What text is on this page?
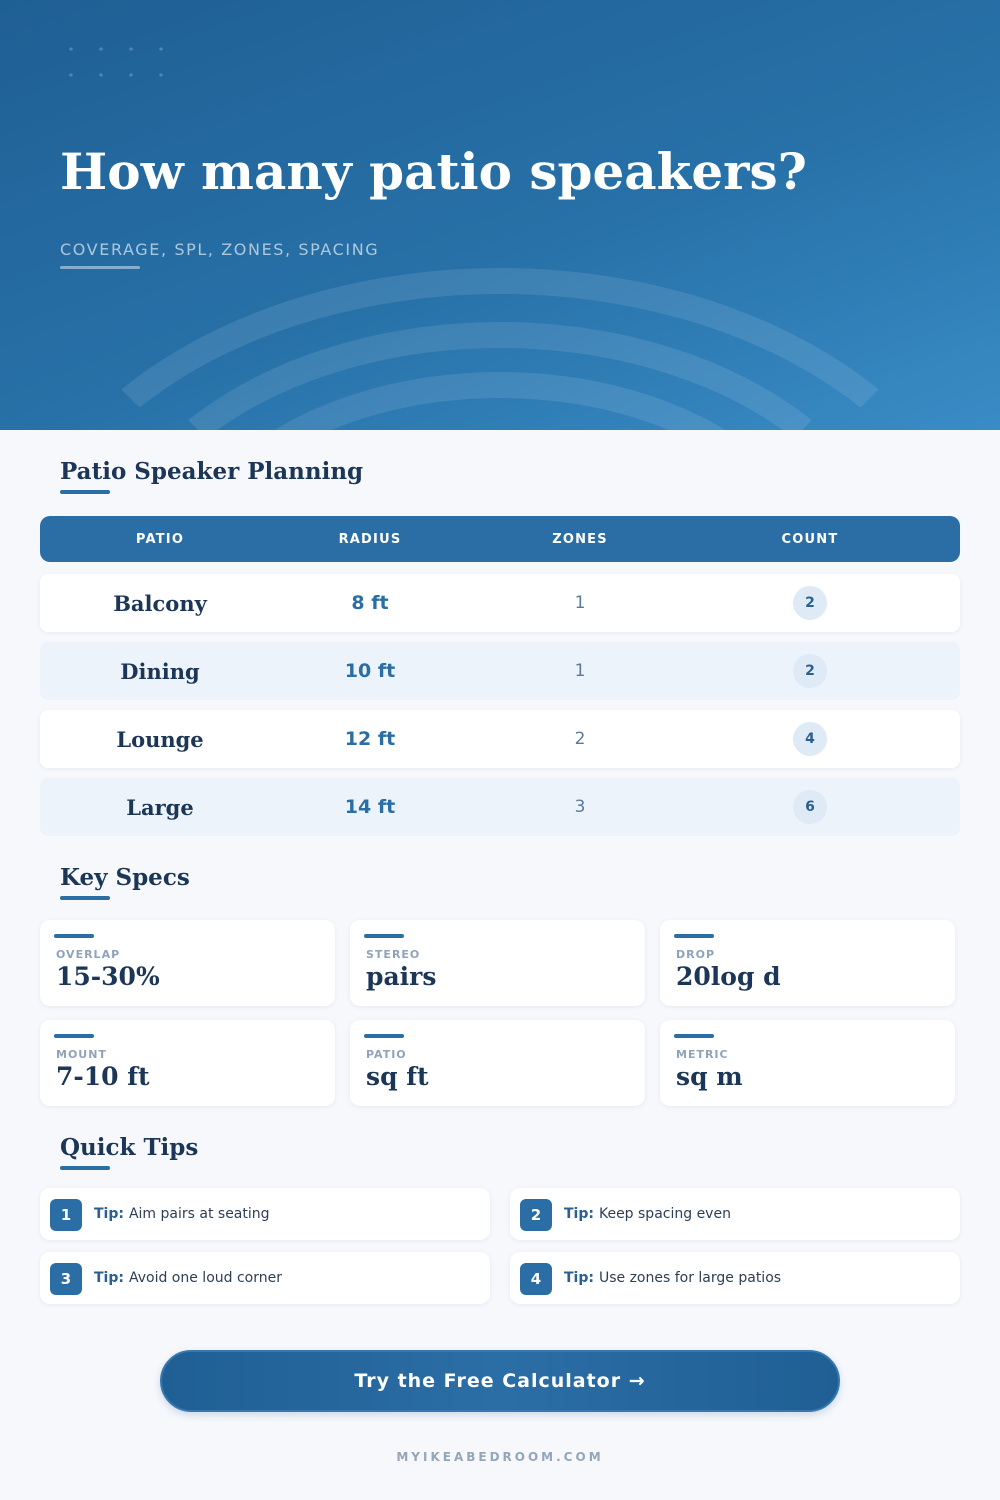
How many patio speakers?
COVERAGE, SPL, ZONES, SPACING
Patio Speaker Planning
PATIO	RADIUS	ZONES	COUNT
Balcony	8 ft	1	2
Dining	10 ft	1	2
Lounge	12 ft	2	4
Large	14 ft	3	6
Key Specs
OVERLAP
15-30%
STEREO
pairs
DROP
20log d
MOUNT
7-10 ft
PATIO
sq ft
METRIC
sq m
Quick Tips
1	Tip: Aim pairs at seating	2	Tip: Keep spacing even
3	Tip: Avoid one loud corner	4	Tip: Use zones for large patios
Try the Free Calculator →
MYIKEABEDROOM.COM
